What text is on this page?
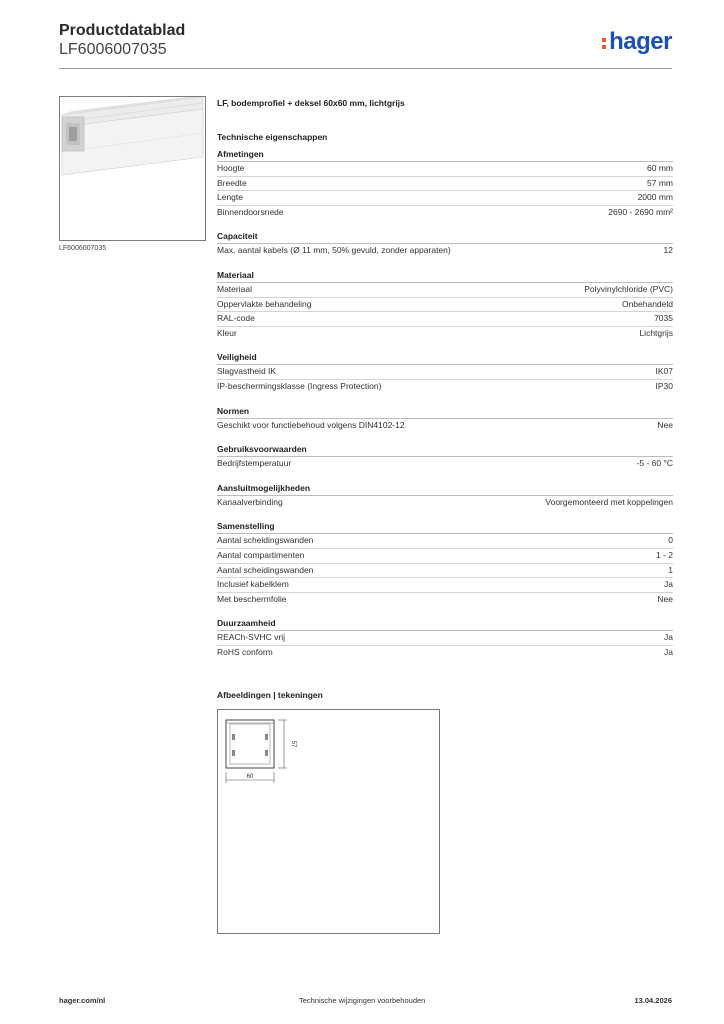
Productdatablad
LF6006007035	hager
LF6006007035
LF, bodemprofiel + deksel 60x60 mm, lichtgrijs
Technische eigenschappen
Afmetingen
Hoogte	60 mm
Breedte	57 mm
Lengte	2000 mm
Binnendoorsnede	2690 - 2690 mm²
Capaciteit
Max. aantal kabels (Ø 11 mm, 50% gevuld, zonder apparaten)	12
Materiaal
Materiaal	Polyvinylchloride (PVC)
Oppervlakte behandeling	Onbehandeld
RAL-code	7035
Kleur	Lichtgrijs
Veiligheid
Slagvastheid IK	IK07
IP-beschermingsklasse (Ingress Protection)	IP30
Normen
Geschikt voor functiebehoud volgens DIN4102-12	Nee
Gebruiksvoorwaarden
Bedrijfstemperatuur	-5 - 60 °C
Aansluitmogelijkheden
Kanaalverbinding	Voorgemonteerd met koppelingen
Samenstelling
Aantal scheidingswanden	0
Aantal compartimenten	1 - 2
Aantal scheidingswanden	1
Inclusief kabelklem	Ja
Met beschermfolie	Nee
Duurzaamheid
REACh-SVHC vrij	Ja
RoHS conform	Ja
Afbeeldingen | tekeningen
57
60
hager.com/nl	Technische wijzigingen voorbehouden	13.04.2026
